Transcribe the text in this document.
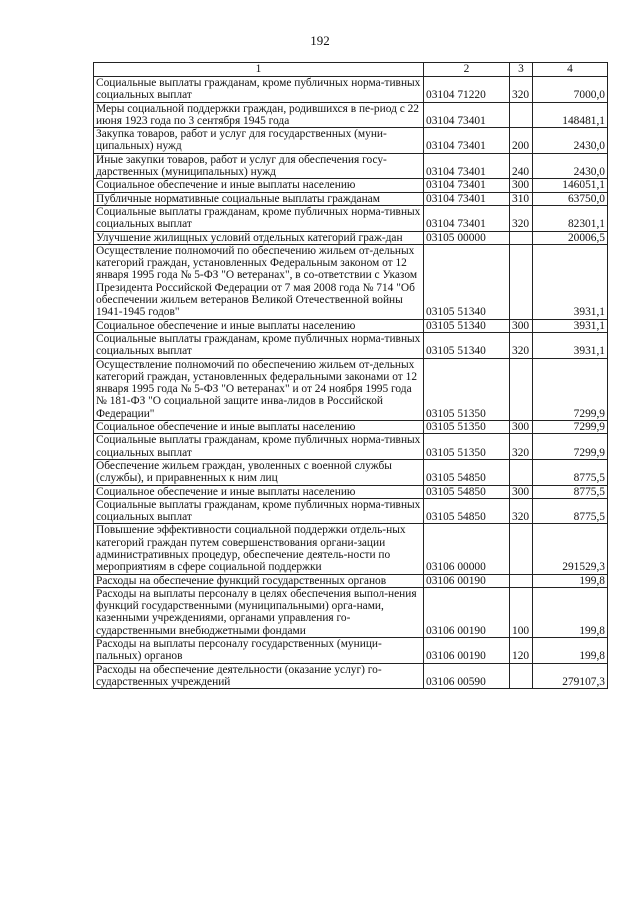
192
1	2	3	4
Социальные выплаты гражданам, кроме публичных норма-тивных социальных выплат	03104 71220	320	7000,0
Меры социальной поддержки граждан, родившихся в пе-риод с 22 июня 1923 года по 3 сентября 1945 года	03104 73401		148481,1
Закупка товаров, работ и услуг для государственных (муни-ципальных) нужд	03104 73401	200	2430,0
Иные закупки товаров, работ и услуг для обеспечения госу-дарственных (муниципальных) нужд	03104 73401	240	2430,0
Социальное обеспечение и иные выплаты населению	03104 73401	300	146051,1
Публичные нормативные социальные выплаты гражданам	03104 73401	310	63750,0
Социальные выплаты гражданам, кроме публичных норма-тивных социальных выплат	03104 73401	320	82301,1
Улучшение жилищных условий отдельных категорий граж-дан	03105 00000		20006,5
Осуществление полномочий по обеспечению жильем от-дельных категорий граждан, установленных Федеральным законом от 12 января 1995 года № 5-ФЗ "О ветеранах", в со-ответствии с Указом Президента Российской Федерации от 7 мая 2008 года № 714 "Об обеспечении жильем ветеранов Великой Отечественной войны 1941-1945 годов"	03105 51340		3931,1
Социальное обеспечение и иные выплаты населению	03105 51340	300	3931,1
Социальные выплаты гражданам, кроме публичных норма-тивных социальных выплат	03105 51340	320	3931,1
Осуществление полномочий по обеспечению жильем от-дельных категорий граждан, установленных федеральными законами от 12 января 1995 года № 5-ФЗ "О ветеранах" и от 24 ноября 1995 года № 181-ФЗ "О социальной защите инва-лидов в Российской Федерации"	03105 51350		7299,9
Социальное обеспечение и иные выплаты населению	03105 51350	300	7299,9
Социальные выплаты гражданам, кроме публичных норма-тивных социальных выплат	03105 51350	320	7299,9
Обеспечение жильем граждан, уволенных с военной службы (службы), и приравненных к ним лиц	03105 54850		8775,5
Социальное обеспечение и иные выплаты населению	03105 54850	300	8775,5
Социальные выплаты гражданам, кроме публичных норма-тивных социальных выплат	03105 54850	320	8775,5
Повышение эффективности социальной поддержки отдель-ных категорий граждан путем совершенствования органи-зации административных процедур, обеспечение деятель-ности по мероприятиям в сфере социальной поддержки	03106 00000		291529,3
Расходы на обеспечение функций государственных органов	03106 00190		199,8
Расходы на выплаты персоналу в целях обеспечения выпол-нения функций государственными (муниципальными) орга-нами, казенными учреждениями, органами управления го-сударственными внебюджетными фондами	03106 00190	100	199,8
Расходы на выплаты персоналу государственных (муници-пальных) органов	03106 00190	120	199,8
Расходы на обеспечение деятельности (оказание услуг) го-сударственных учреждений	03106 00590		279107,3
